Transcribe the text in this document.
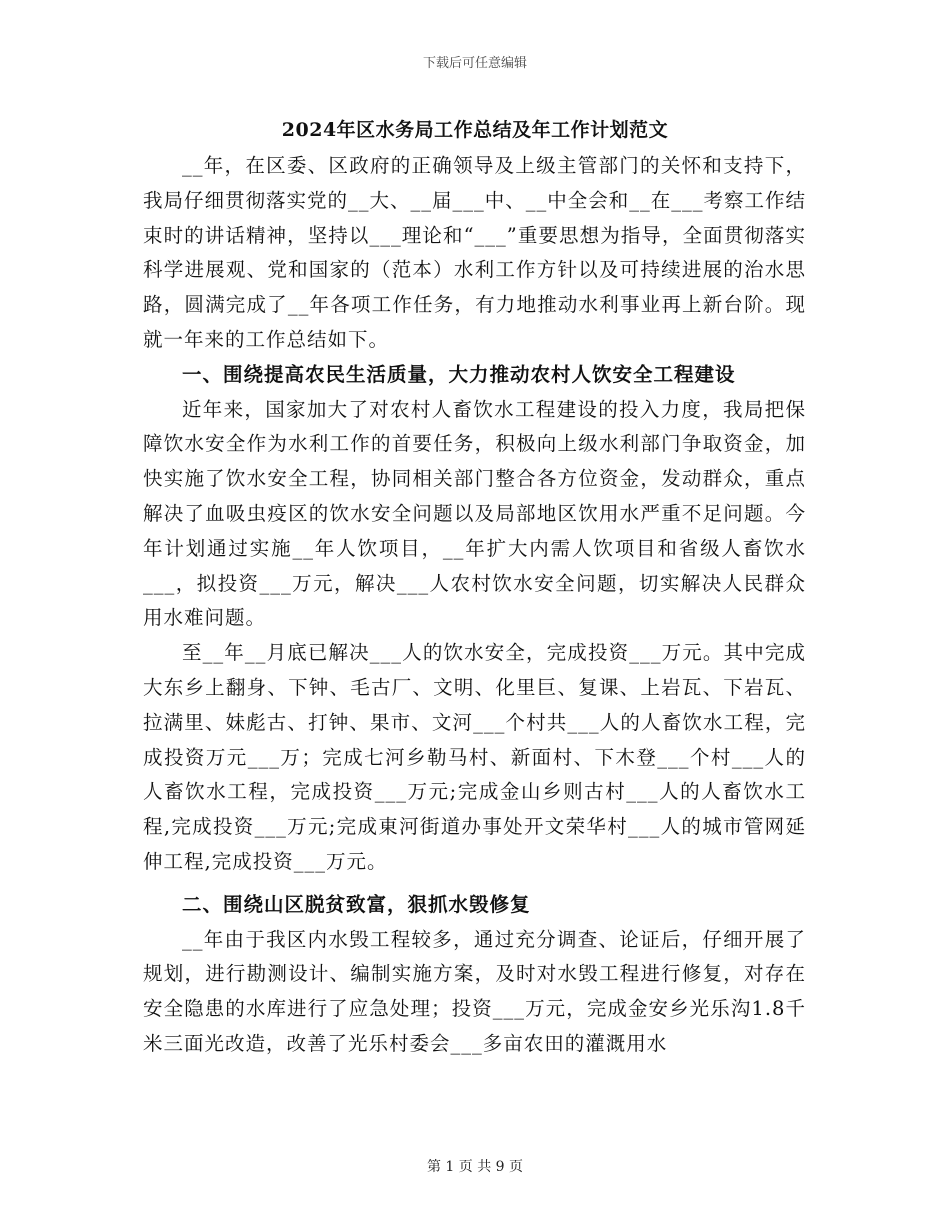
下载后可任意编辑
2024年区水务局工作总结及年工作计划范文

__年，在区委、区政府的正确领导及上级主管部门的关怀和支持下，我局仔细贯彻落实党的__大、__届___中、__中全会和__在___考察工作结束时的讲话精神，坚持以___理论和“___”重要思想为指导，全面贯彻落实科学进展观、党和国家的（范本）水利工作方针以及可持续进展的治水思路，圆满完成了__年各项工作任务，有力地推动水利事业再上新台阶。现就一年来的工作总结如下。

一、围绕提高农民生活质量，大力推动农村人饮安全工程建设

近年来，国家加大了对农村人畜饮水工程建设的投入力度，我局把保障饮水安全作为水利工作的首要任务，积极向上级水利部门争取资金，加快实施了饮水安全工程，协同相关部门整合各方位资金，发动群众，重点解决了血吸虫疫区的饮水安全问题以及局部地区饮用水严重不足问题。今年计划通过实施__年人饮项目，__年扩大内需人饮项目和省级人畜饮水___，拟投资___万元，解决___人农村饮水安全问题，切实解决人民群众用水难问题。

至__年__月底已解决___人的饮水安全，完成投资___万元。其中完成大东乡上翻身、下钟、毛古厂、文明、化里巨、复课、上岩瓦、下岩瓦、拉满里、妹彪古、打钟、果市、文河___个村共___人的人畜饮水工程，完成投资万元___万；完成七河乡勒马村、新面村、下木登___个村___人的人畜饮水工程，完成投资___万元;完成金山乡则古村___人的人畜饮水工程,完成投资___万元;完成東河街道办事处开文荣华村___人的城市管网延伸工程,完成投资___万元。

二、围绕山区脱贫致富，狠抓水毁修复

__年由于我区内水毁工程较多，通过充分调查、论证后，仔细开展了规划，进行勘测设计、编制实施方案，及时对水毁工程进行修复，对存在安全隐患的水库进行了应急处理；投资___万元，完成金安乡光乐沟1.8千米三面光改造，改善了光乐村委会___多亩农田的灌溉用水

第 1 页 共 9 页
